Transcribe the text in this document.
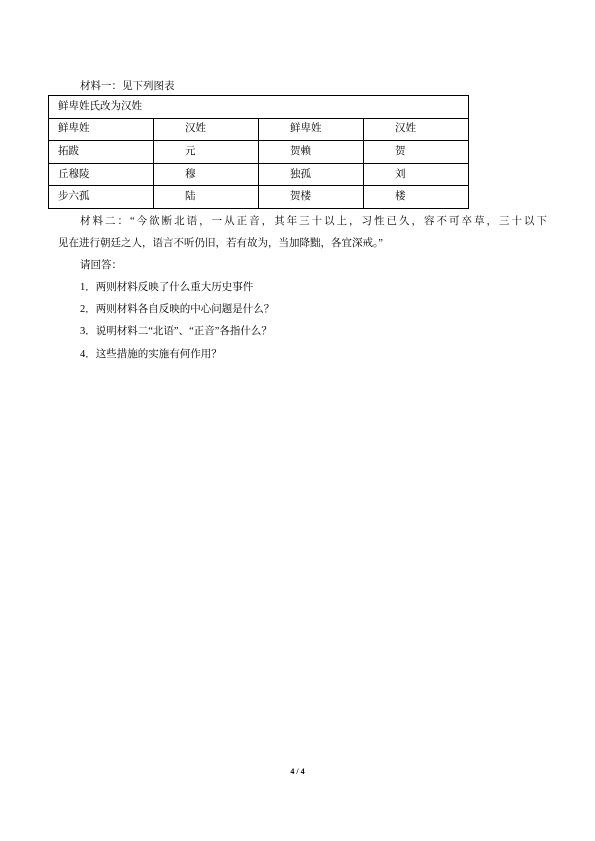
材料一：见下列图表
鲜卑姓氏改为汉姓			
鲜卑姓	汉姓	鲜卑姓	汉姓
拓跋	元	贺赖	贺
丘穆陵	穆	独孤	刘
步六孤	陆	贺楼	楼
材料二：“今欲断北语，一从正音，其年三十以上，习性已久，容不可卒草，三十以下
见在进行朝廷之人，语言不听仍旧，若有故为，当加降黜，各宜深戒。”
请回答：
1．两则材料反映了什么重大历史事件
2．两则材料各自反映的中心问题是什么？
3．说明材料二“北语”、“正音”各指什么？
4．这些措施的实施有何作用？
4 / 4
